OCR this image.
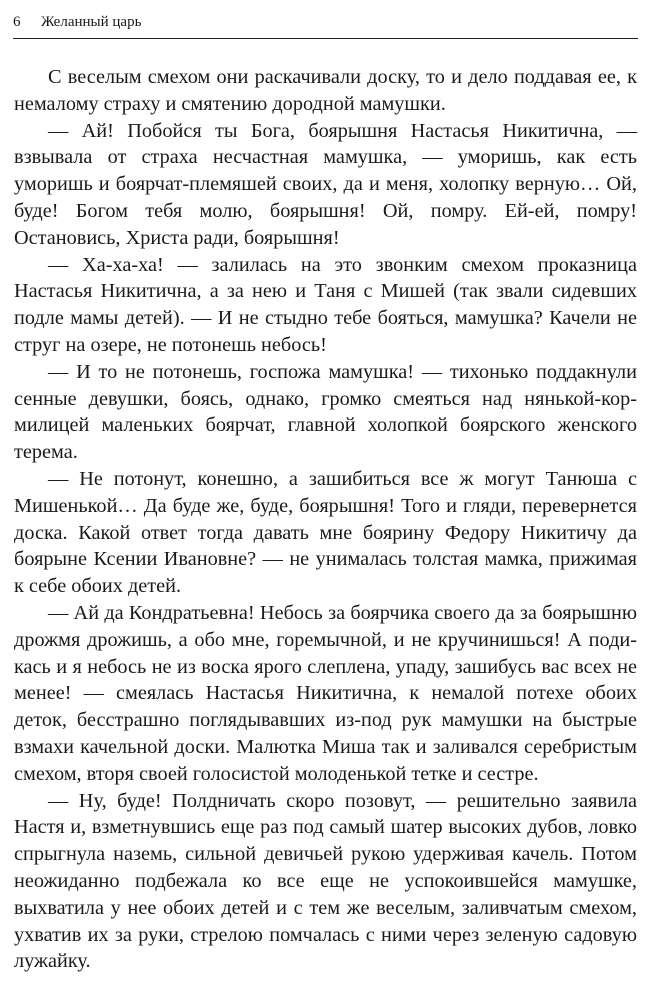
6 Желанный царь

С веселым смехом они раскачивали доску, то и дело поддавая ее, к немалому страху и смятению дородной мамушки.

— Ай! Побойся ты Бога, боярышня Настасья Никитична, — взвывала от страха несчастная мамушка, — уморишь, как есть уморишь и боярчат-племяшей своих, да и меня, холопку верную… Ой, буде! Богом тебя молю, боярышня! Ой, помру. Ей-ей, помру! Остановись, Христа ради, боярышня!

— Ха-ха-ха! — залилась на это звонким смехом проказница Настасья Никитична, а за нею и Таня с Мишей (так звали сидевших подле мамы детей). — И не стыдно тебе бояться, мамушка? Качели не струг на озере, не потонешь небось!

— И то не потонешь, госпожа мамушка! — тихонько поддакнули сенные девушки, боясь, однако, громко смеяться над нянькой-кормилицей маленьких боярчат, главной холопкой боярского женского терема.

— Не потонут, конешно, а зашибиться все ж могут Танюша с Мишенькой… Да буде же, буде, боярышня! Того и гляди, перевернется доска. Какой ответ тогда давать мне боярину Федору Никитичу да боярыне Ксении Ивановне? — не унималась толстая мамка, прижимая к себе обоих детей.

— Ай да Кондратьевна! Небось за боярчика своего да за боярышню дрожмя дрожишь, а обо мне, горемычной, и не кручинишься! А поди-кась и я небось не из воска ярого слеплена, упаду, зашибусь вас всех не менее! — смеялась Настасья Никитична, к немалой потехе обоих деток, бесстрашно поглядывавших из-под рук мамушки на быстрые взмахи качельной доски. Малютка Миша так и заливался серебристым смехом, вторя своей голосистой молоденькой тетке и сестре.

— Ну, буде! Полдничать скоро позовут, — решительно заявила Настя и, взметнувшись еще раз под самый шатер высоких дубов, ловко спрыгнула наземь, сильной девичьей рукою удерживая качель. Потом неожиданно подбежала ко все еще не успокоившейся мамушке, выхватила у нее обоих детей и с тем же веселым, заливчатым смехом, ухватив их за руки, стрелою помчалась с ними через зеленую садовую лужайку.
